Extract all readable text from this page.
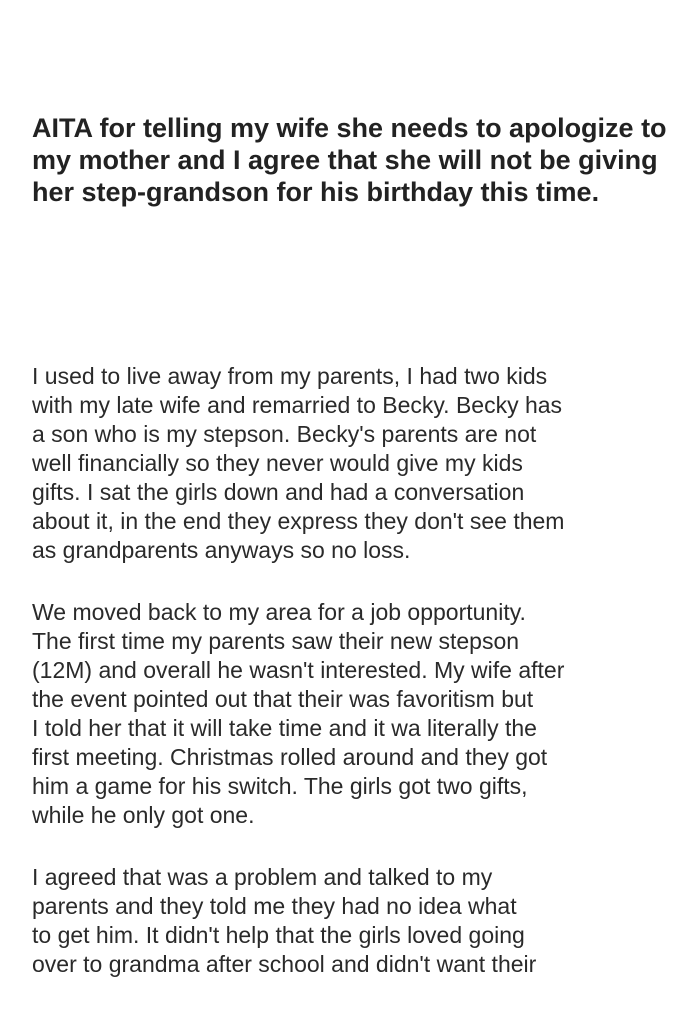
AITA for telling my wife she needs to apologize to my mother and I agree that she will not be giving her step-grandson for his birthday this time.

I used to live away from my parents, I had two kids
with my late wife and remarried to Becky. Becky has
a son who is my stepson. Becky's parents are not
well financially so they never would give my kids
gifts. I sat the girls down and had a conversation
about it, in the end they express they don't see them
as grandparents anyways so no loss.

We moved back to my area for a job opportunity.
The first time my parents saw their new stepson
(12M) and overall he wasn't interested. My wife after
the event pointed out that their was favoritism but
I told her that it will take time and it wa literally the
first meeting. Christmas rolled around and they got
him a game for his switch. The girls got two gifts,
while he only got one.

I agreed that was a problem and talked to my
parents and they told me they had no idea what
to get him. It didn't help that the girls loved going
over to grandma after school and didn't want their
